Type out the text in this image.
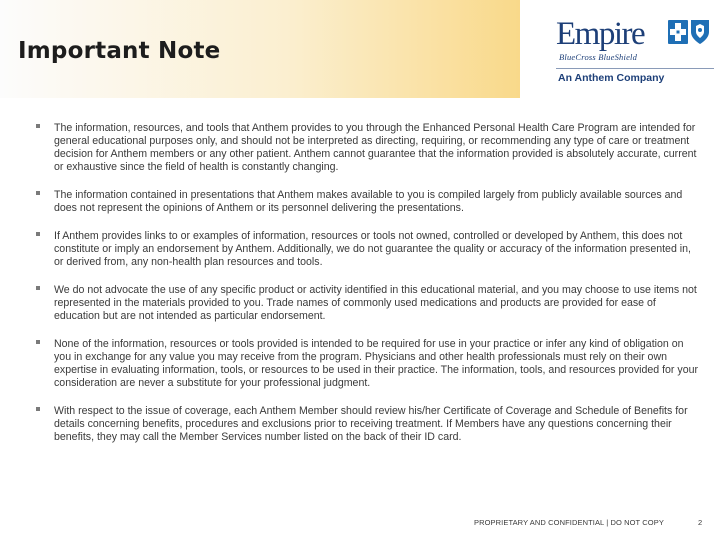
Important Note	Empire
BlueCross BlueShield
An Anthem Company
The information, resources, and tools that Anthem provides to you through the Enhanced Personal Health Care Program are intended for general educational purposes only, and should not be interpreted as directing, requiring, or recommending any type of care or treatment decision for Anthem members or any other patient. Anthem cannot guarantee that the information provided is absolutely accurate, current or exhaustive since the field of health is constantly changing.
The information contained in presentations that Anthem makes available to you is compiled largely from publicly available sources and does not represent the opinions of Anthem or its personnel delivering the presentations.
If Anthem provides links to or examples of information, resources or tools not owned, controlled or developed by Anthem, this does not constitute or imply an endorsement by Anthem. Additionally, we do not guarantee the quality or accuracy of the information presented in, or derived from, any non-health plan resources and tools.
We do not advocate the use of any specific product or activity identified in this educational material, and you may choose to use items not represented in the materials provided to you. Trade names of commonly used medications and products are provided for ease of education but are not intended as particular endorsement.
None of the information, resources or tools provided is intended to be required for use in your practice or infer any kind of obligation on you in exchange for any value you may receive from the program. Physicians and other health professionals must rely on their own expertise in evaluating information, tools, or resources to be used in their practice. The information, tools, and resources provided for your consideration are never a substitute for your professional judgment.
With respect to the issue of coverage, each Anthem Member should review his/her Certificate of Coverage and Schedule of Benefits for details concerning benefits, procedures and exclusions prior to receiving treatment. If Members have any questions concerning their benefits, they may call the Member Services number listed on the back of their ID card.
PROPRIETARY AND CONFIDENTIAL | DO NOT COPY	2
